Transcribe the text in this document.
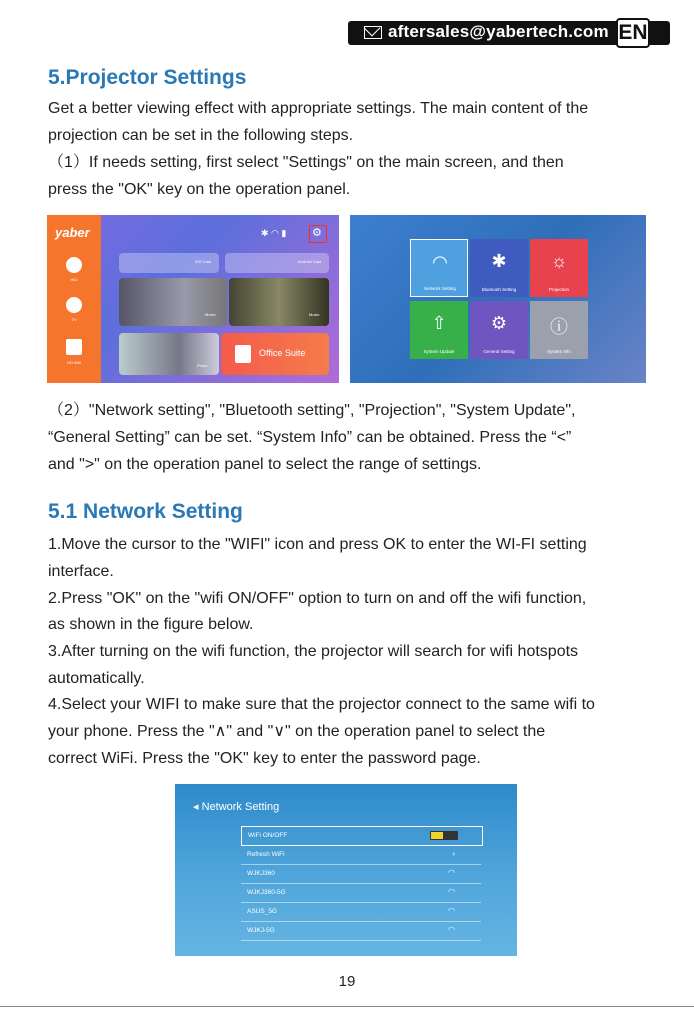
aftersales@yabertech.com EN
5.Projector Settings

Get a better viewing effect with appropriate settings. The main content of the

projection can be set in the following steps.

（1）If needs setting, first select "Settings" on the main screen, and then

press the "OK" key on the operation panel.

yaber
HDI
TV
HD 888
✱ ◠ ▮ ⚙
IOS Cast	Android Cast
Movie	Music
Photo
Office Suite
◠
Network Setting
✱
Bluetooth Setting
☼
Projection
⇧
System Update
⚙
General Setting
ⓘ
System Info

（2）"Network setting", "Bluetooth setting", "Projection", "System Update",

“General Setting” can be set. “System Info” can be obtained. Press the “<”

and ">" on the operation panel to select the range of settings.

5.1 Network Setting

1.Move the cursor to the "WIFI" icon and press OK to enter the WI-FI setting

interface.

2.Press "OK" on the "wifi ON/OFF" option to turn on and off the wifi function,

as shown in the figure below.

3.After turning on the wifi function, the projector will search for wifi hotspots

automatically.

4.Select your WIFI to make sure that the projector connect to the same wifi to

your phone. Press the "∧" and "∨" on the operation panel to select the

correct WiFi. Press the "OK" key to enter the password page.

◂ Network Setting
WiFi ON/OFF
Refresh WiFi	›
WJKJ360	◠
WJKJ360-5G	◠
ASUS_5G	◠
WJKJ-5G	◠
19
